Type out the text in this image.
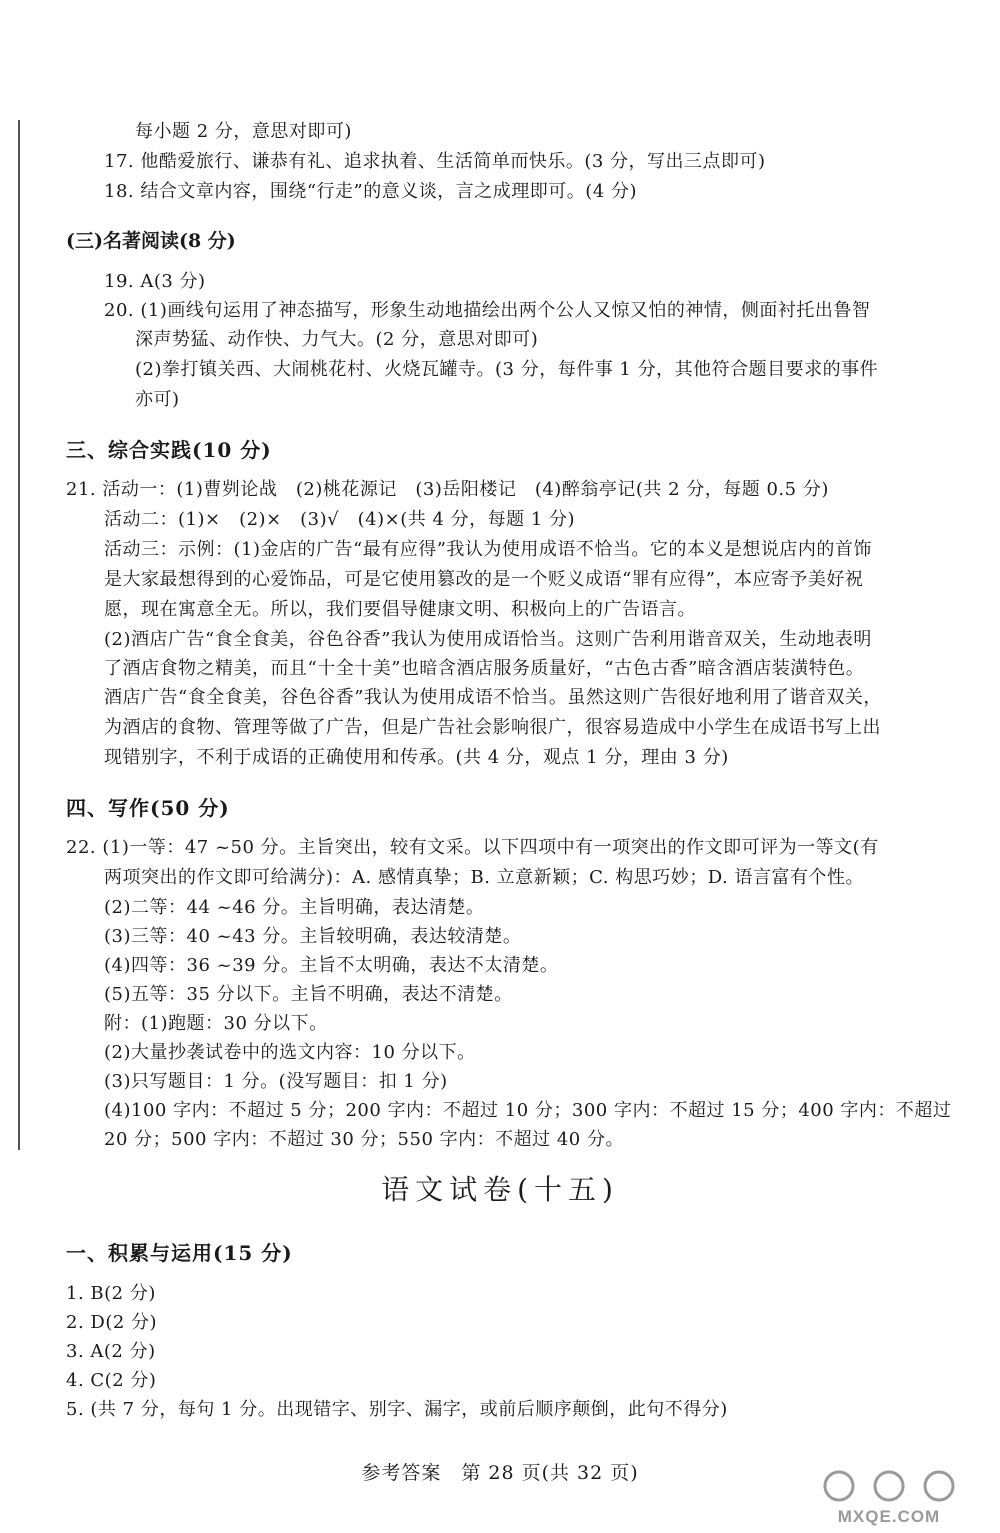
每小题 2 分，意思对即可)
17. 他酷爱旅行、谦恭有礼、追求执着、生活简单而快乐。(3 分，写出三点即可)
18. 结合文章内容，围绕“行走”的意义谈，言之成理即可。(4 分)
(三)名著阅读(8 分)
19. A(3 分)
20. (1)画线句运用了神态描写，形象生动地描绘出两个公人又惊又怕的神情，侧面衬托出鲁智
深声势猛、动作快、力气大。(2 分，意思对即可)
(2)拳打镇关西、大闹桃花村、火烧瓦罐寺。(3 分，每件事 1 分，其他符合题目要求的事件
亦可)
三、综合实践(10 分)
21. 活动一：(1)曹刿论战　(2)桃花源记　(3)岳阳楼记　(4)醉翁亭记(共 2 分，每题 0.5 分)
活动二：(1)×　(2)×　(3)√　(4)×(共 4 分，每题 1 分)
活动三：示例：(1)金店的广告“最有应得”我认为使用成语不恰当。它的本义是想说店内的首饰
是大家最想得到的心爱饰品，可是它使用篡改的是一个贬义成语“罪有应得”，本应寄予美好祝
愿，现在寓意全无。所以，我们要倡导健康文明、积极向上的广告语言。
(2)酒店广告“食全食美，谷色谷香”我认为使用成语恰当。这则广告利用谐音双关，生动地表明
了酒店食物之精美，而且“十全十美”也暗含酒店服务质量好，“古色古香”暗含酒店装潢特色。
酒店广告“食全食美，谷色谷香”我认为使用成语不恰当。虽然这则广告很好地利用了谐音双关，
为酒店的食物、管理等做了广告，但是广告社会影响很广，很容易造成中小学生在成语书写上出
现错别字，不利于成语的正确使用和传承。(共 4 分，观点 1 分，理由 3 分)
四、写作(50 分)
22. (1)一等：47 ~50 分。主旨突出，较有文采。以下四项中有一项突出的作文即可评为一等文(有
两项突出的作文即可给满分)：A. 感情真挚；B. 立意新颖；C. 构思巧妙；D. 语言富有个性。
(2)二等：44 ~46 分。主旨明确，表达清楚。
(3)三等：40 ~43 分。主旨较明确，表达较清楚。
(4)四等：36 ~39 分。主旨不太明确，表达不太清楚。
(5)五等：35 分以下。主旨不明确，表达不清楚。
附：(1)跑题：30 分以下。
(2)大量抄袭试卷中的选文内容：10 分以下。
(3)只写题目：1 分。(没写题目：扣 1 分)
(4)100 字内：不超过 5 分；200 字内：不超过 10 分；300 字内：不超过 15 分；400 字内：不超过
20 分；500 字内：不超过 30 分；550 字内：不超过 40 分。
语文试卷(十五)
一、积累与运用(15 分)
1. B(2 分)
2. D(2 分)
3. A(2 分)
4. C(2 分)
5. (共 7 分，每句 1 分。出现错字、别字、漏字，或前后顺序颠倒，此句不得分)
参考答案　第 28 页(共 32 页)
MXQE.COM
